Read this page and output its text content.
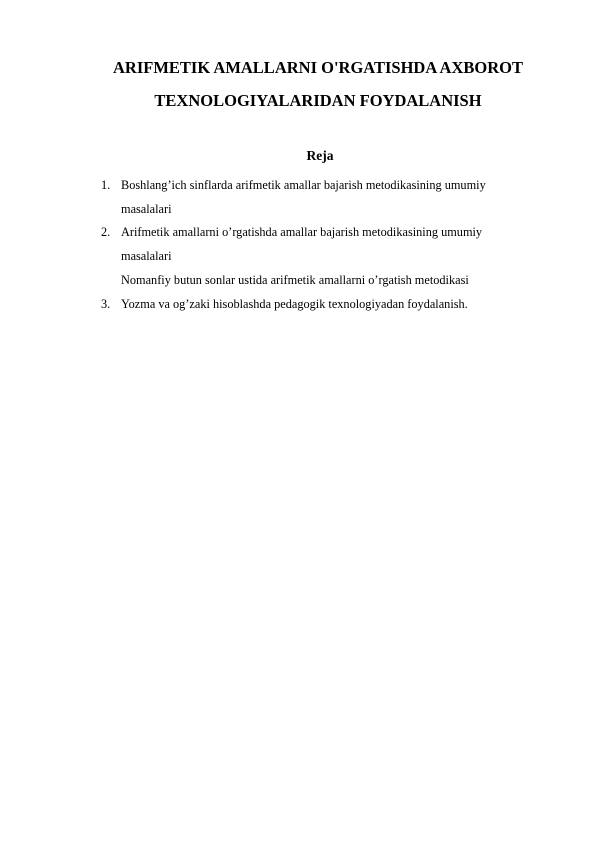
ARIFMETIK AMALLARNI O'RGATISHDA AXBOROT
TEXNOLOGIYALARIDAN FOYDALANISH
Reja
1. Boshlang’ich sinflarda arifmetik amallar bajarish metodikasining umumiy
masalalari
2. Arifmetik amallarni o’rgatishda amallar bajarish metodikasining umumiy
masalalari
Nomanfiy butun sonlar ustida arifmetik amallarni o’rgatish metodikasi
3. Yozma va og’zaki hisoblashda pedagogik texnologiyadan foydalanish.
